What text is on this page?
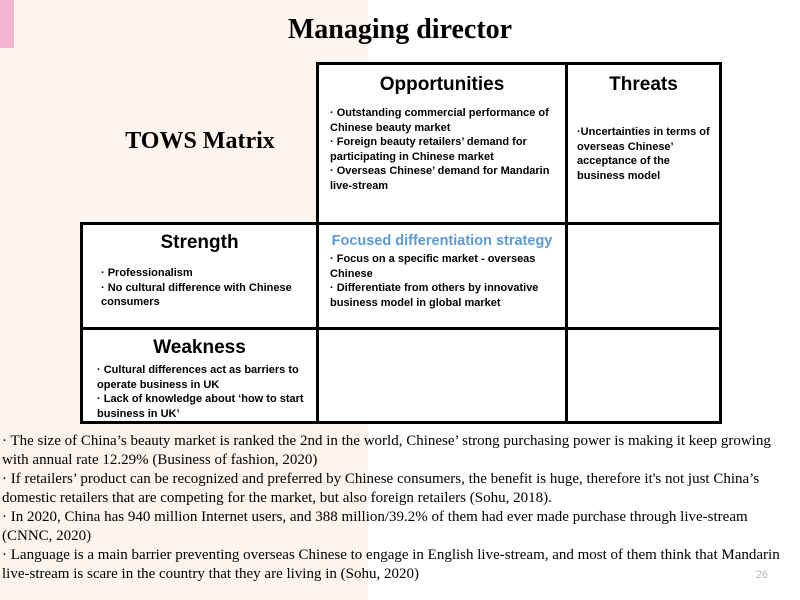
Managing director
TOWS Matrix
Opportunities
· Outstanding commercial performance of Chinese beauty market
· Foreign beauty retailers’ demand for participating in Chinese market
· Overseas Chinese’ demand for Mandarin live-stream
Threats
·Uncertainties in terms of overseas Chinese’ acceptance of the business model
Strength
· Professionalism
· No cultural difference with Chinese consumers
Focused differentiation strategy
· Focus on a specific market - overseas Chinese
· Differentiate from others by innovative business model in global market
Weakness
· Cultural differences act as barriers to operate business in UK
· Lack of knowledge about ‘how to start business in UK’

· The size of China’s beauty market is ranked the 2nd in the world, Chinese’ strong purchasing power is making it keep growing with annual rate 12.29% (Business of fashion, 2020)

· If retailers’ product can be recognized and preferred by Chinese consumers, the benefit is huge, therefore it's not just China’s domestic retailers that are competing for the market, but also foreign retailers (Sohu, 2018).

· In 2020, China has 940 million Internet users, and 388 million/39.2% of them had ever made purchase through live-stream (CNNC, 2020)

· Language is a main barrier preventing overseas Chinese to engage in English live-stream, and most of them think that Mandarin live-stream is scare in the country that they are living in (Sohu, 2020)	26
